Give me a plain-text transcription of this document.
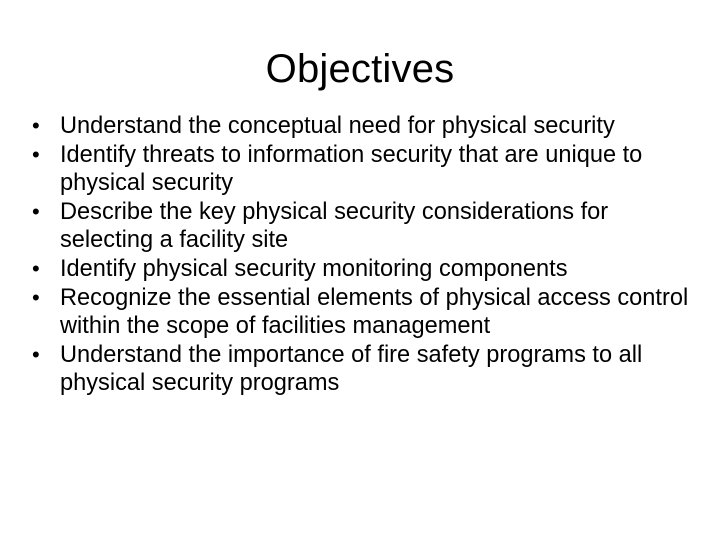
Objectives
• Understand the conceptual need for physical security
• Identify threats to information security that are unique to physical security
• Describe the key physical security considerations for selecting a facility site
• Identify physical security monitoring components
• Recognize the essential elements of physical access control within the scope of facilities management
• Understand the importance of fire safety programs to all physical security programs
